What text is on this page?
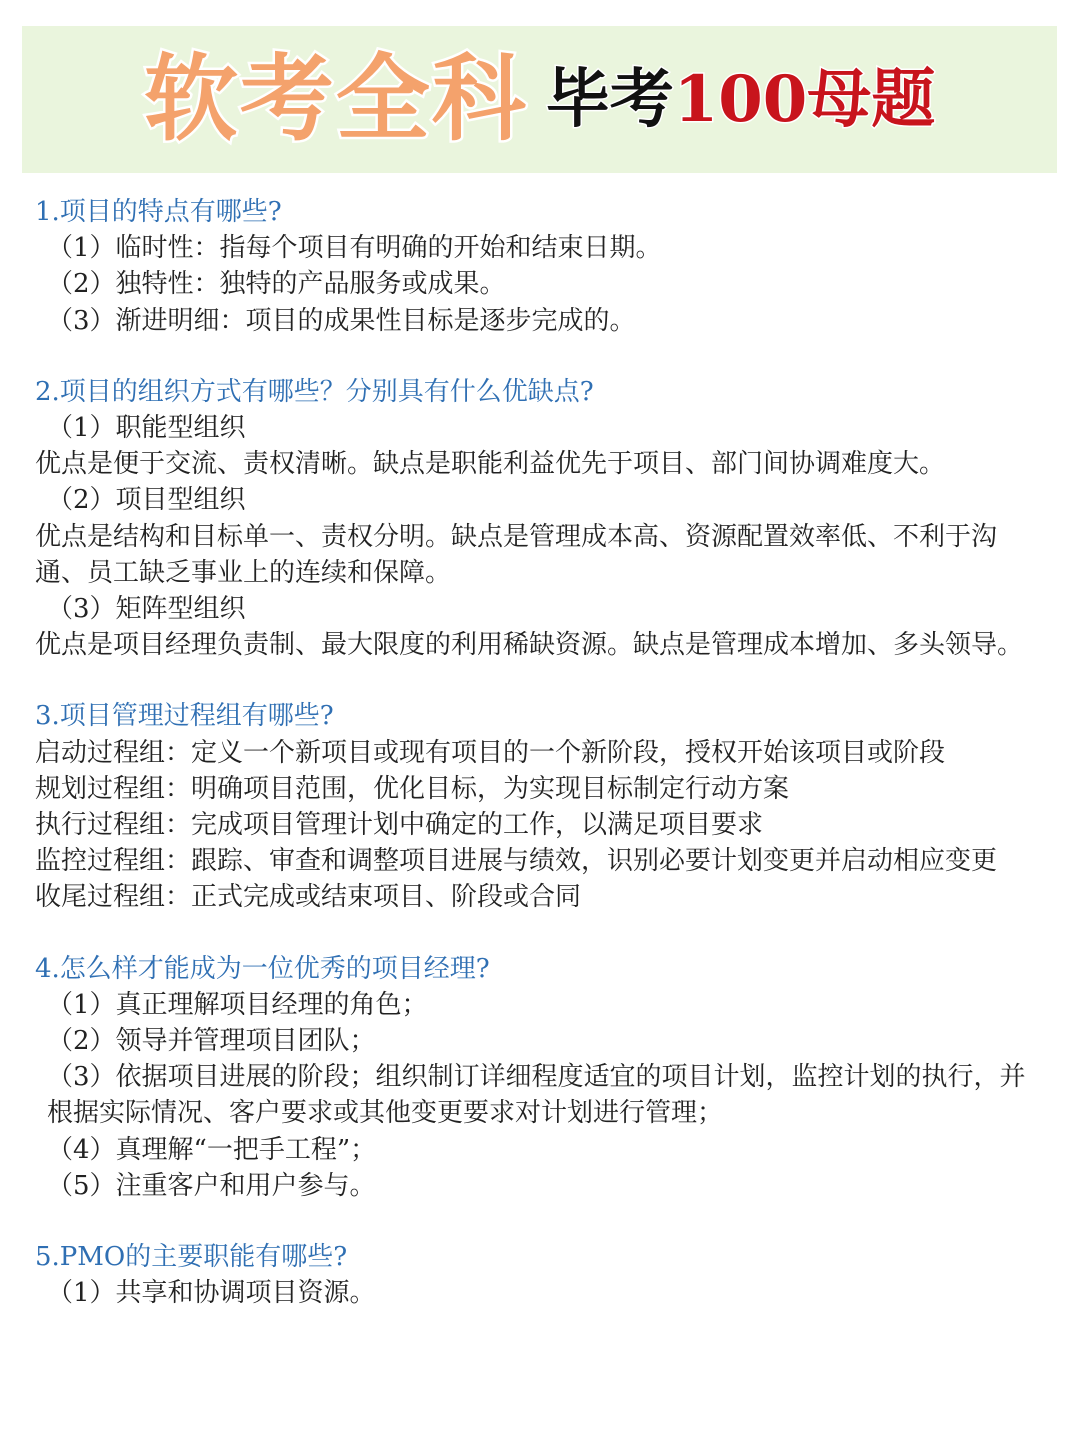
软考全科 毕考100母题

1.项目的特点有哪些?

（1）临时性：指每个项目有明确的开始和结束日期。

（2）独特性：独特的产品服务或成果。

（3）渐进明细：项目的成果性目标是逐步完成的。

2.项目的组织方式有哪些？分别具有什么优缺点?

（1）职能型组织

优点是便于交流、责权清晰。缺点是职能利益优先于项目、部门间协调难度大。

（2）项目型组织

优点是结构和目标单一、责权分明。缺点是管理成本高、资源配置效率低、不利于沟通、员工缺乏事业上的连续和保障。

（3）矩阵型组织

优点是项目经理负责制、最大限度的利用稀缺资源。缺点是管理成本增加、多头领导。

3.项目管理过程组有哪些?

启动过程组：定义一个新项目或现有项目的一个新阶段，授权开始该项目或阶段

规划过程组：明确项目范围，优化目标，为实现目标制定行动方案

执行过程组：完成项目管理计划中确定的工作，以满足项目要求

监控过程组：跟踪、审查和调整项目进展与绩效，识别必要计划变更并启动相应变更

收尾过程组：正式完成或结束项目、阶段或合同

4.怎么样才能成为一位优秀的项目经理?

（1）真正理解项目经理的角色；

（2）领导并管理项目团队；

（3）依据项目进展的阶段；组织制订详细程度适宜的项目计划，监控计划的执行，并根据实际情况、客户要求或其他变更要求对计划进行管理；

（4）真理解“一把手工程”；

（5）注重客户和用户参与。

5.PMO的主要职能有哪些?

（1）共享和协调项目资源。
